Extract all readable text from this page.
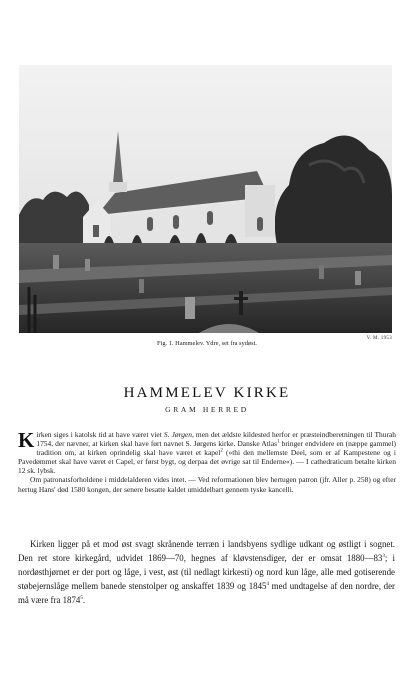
V. M. 1953
Fig. 1. Hammelev. Ydre, set fra sydøst.
HAMMELEV KIRKE
GRAM HERRED

Kirken siges i katolsk tid at have været viet S. Jørgen, men det ældste kildested herfor er præsteindberetningen til Thurah 1754, der nævner, at kirken skal have ført navnet S. Jørgens kirke. Danske Atlas$^1$ bringer endvidere en (næppe gammel) tradition om, at kirken oprindelig skal have været et kapel$^2$ (»thi den mellemste Deel, som er af Kampestene og i Pavedømmet skal have været et Capel, er først bygt, og derpaa det øvrige sat til Enderne«). — I cathedraticum betalte kirken 12 sk. lybsk.

Om patronatsforholdene i middelalderen vides intet. — Ved reformationen blev hertugen patron (jfr. Aller p. 258) og efter hertug Hans' død 1580 kongen, der senere besatte kaldet umiddelbart gennem tyske kancelli.

Kirken ligger på et mod øst svagt skrånende terræn i landsbyens sydlige udkant og østligt i sognet. Den ret store kirkegård, udvidet 1869—70, hegnes af kløvstensdiger, der er omsat $1880—83^3$; i nordøsthjørnet er der port og låge, i vest, øst (til nedlagt kirkesti) og nord kun låge, alle med gotiserende støbejernslåge mellem banede stenstolper og anskaffet 1839 og 1845$^4$ med undtagelse af den nordre, der må være fra 1874$^5$.
